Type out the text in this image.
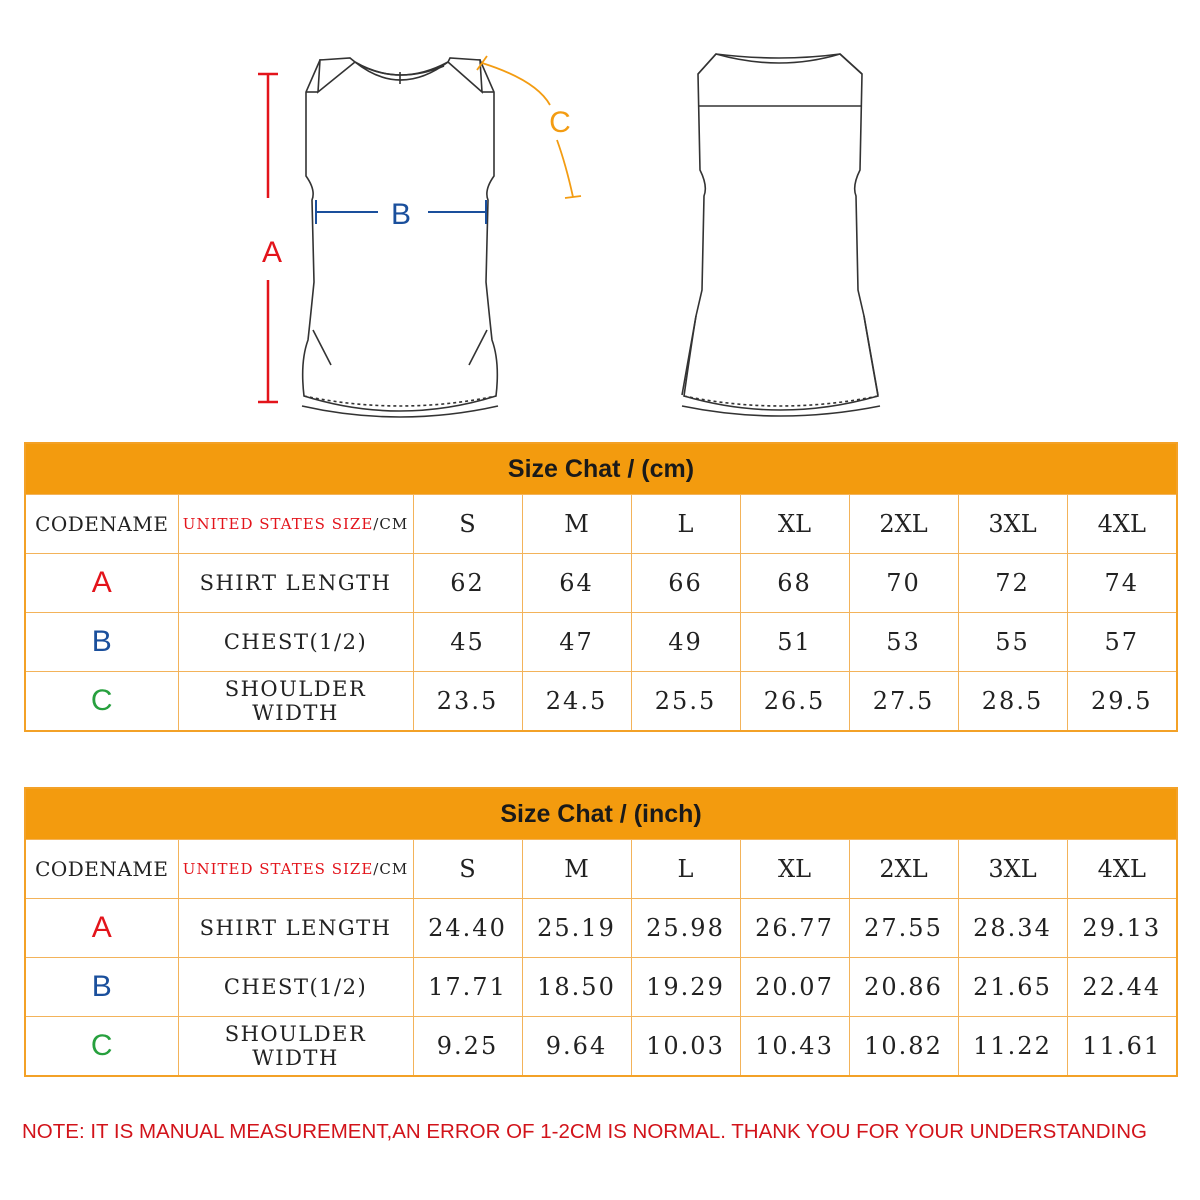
A
B
C
Size Chat / (cm)								
CODENAME	UNITED STATES SIZE/CM	S	M	L	XL	2XL	3XL	4XL
A	SHIRT LENGTH	62	64	66	68	70	72	74
B	CHEST(1/2)	45	47	49	51	53	55	57
C	SHOULDER WIDTH	23.5	24.5	25.5	26.5	27.5	28.5	29.5
Size Chat / (inch)								
CODENAME	UNITED STATES SIZE/CM	S	M	L	XL	2XL	3XL	4XL
A	SHIRT LENGTH	24.40	25.19	25.98	26.77	27.55	28.34	29.13
B	CHEST(1/2)	17.71	18.50	19.29	20.07	20.86	21.65	22.44
C	SHOULDER WIDTH	9.25	9.64	10.03	10.43	10.82	11.22	11.61
NOTE: IT IS MANUAL MEASUREMENT,AN ERROR OF 1-2CM IS NORMAL. THANK YOU FOR YOUR UNDERSTANDING
